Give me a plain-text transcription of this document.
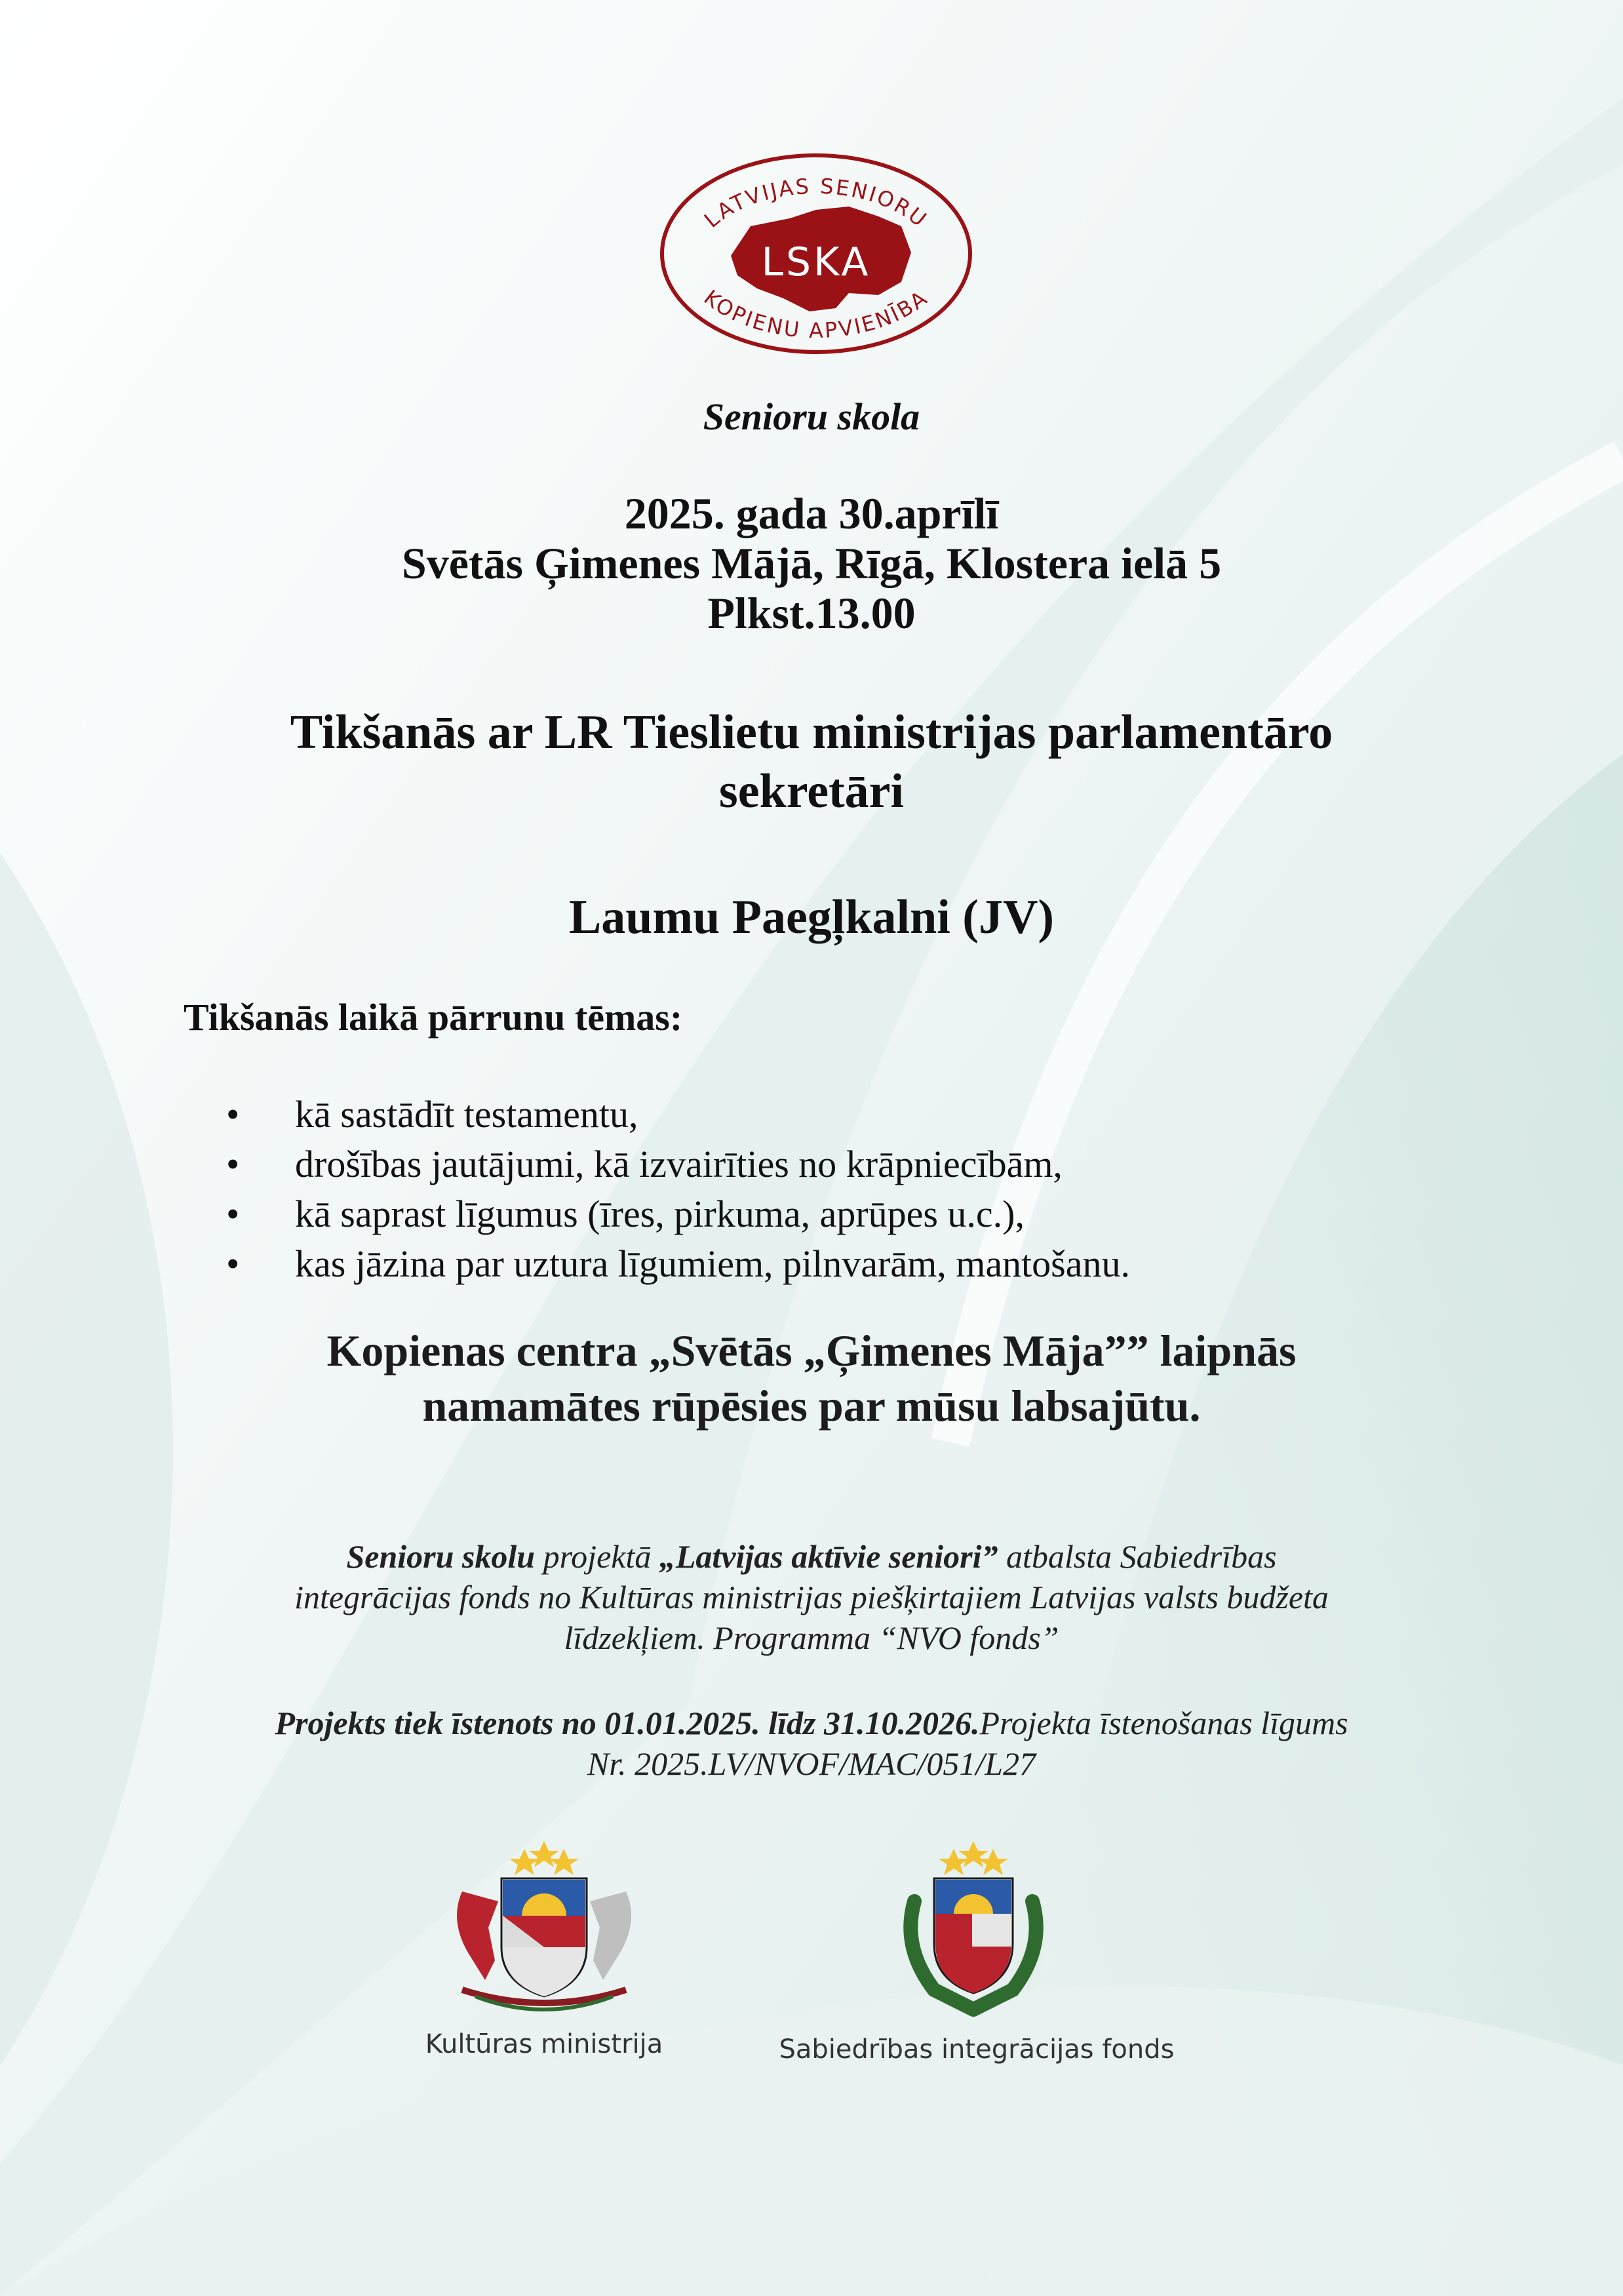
LSKA
LATVIJAS SENIORU
KOPIENU APVIENĪBA
Senioru skola
2025. gada 30.aprīlī
Svētās Ģimenes Mājā, Rīgā, Klostera ielā 5
Plkst.13.00
Tikšanās ar LR Tieslietu ministrijas parlamentāro
sekretāri
Laumu Paegļkalni (JV)
Tikšanās laikā pārrunu tēmas:
• kā sastādīt testamentu,
• drošības jautājumi, kā izvairīties no krāpniecībām,
• kā saprast līgumus (īres, pirkuma, aprūpes u.c.),
• kas jāzina par uztura līgumiem, pilnvarām, mantošanu.
Kopienas centra „Svētās „Ģimenes Māja”” laipnās
namamātes rūpēsies par mūsu labsajūtu.
Senioru skolu projektā „Latvijas aktīvie seniori” atbalsta Sabiedrības
integrācijas fonds no Kultūras ministrijas piešķirtajiem Latvijas valsts budžeta
līdzekļiem. Programma “NVO fonds”
Projekts tiek īstenots no 01.01.2025. līdz 31.10.2026.Projekta īstenošanas līgums
Nr. 2025.LV/NVOF/MAC/051/L27
Kultūras ministrija	Sabiedrības integrācijas fonds
